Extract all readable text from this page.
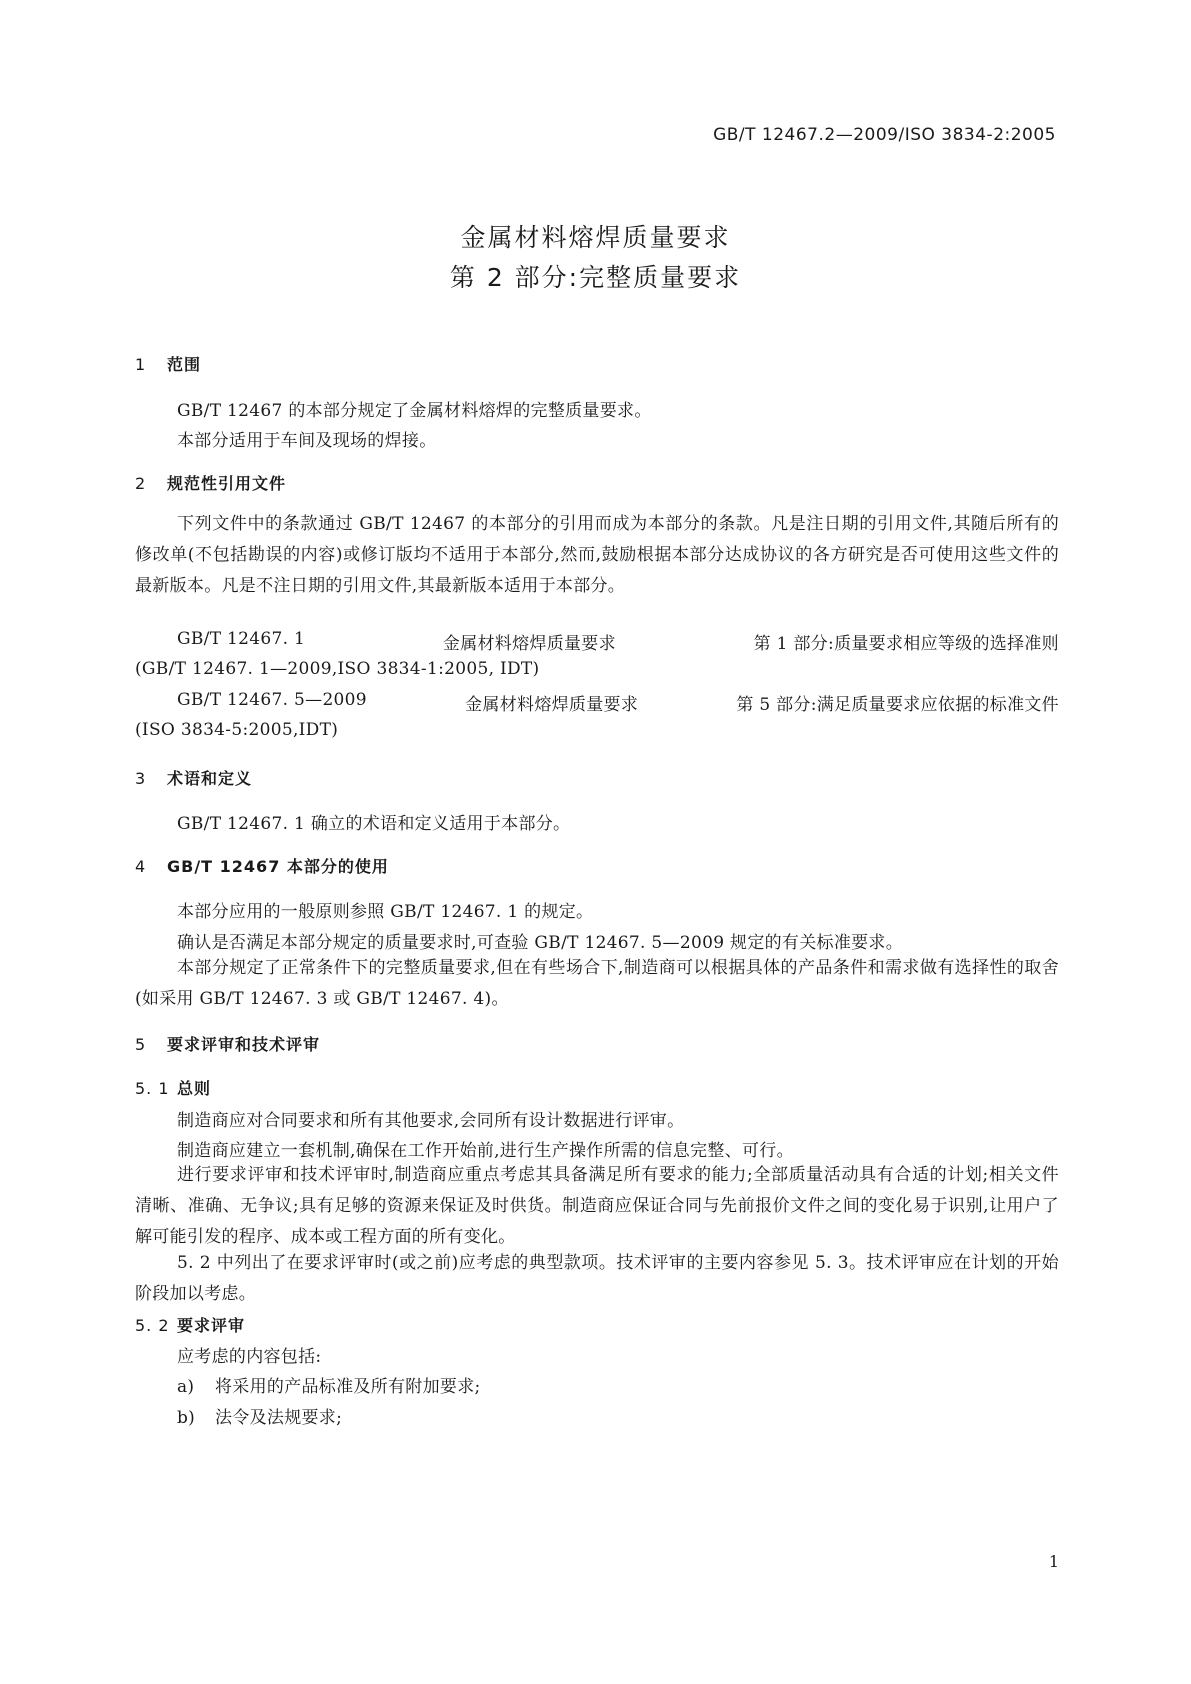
GB/T 12467.2—2009/ISO 3834-2:2005
金属材料熔焊质量要求
第 2 部分:完整质量要求
1 范围
GB/T 12467 的本部分规定了金属材料熔焊的完整质量要求。
本部分适用于车间及现场的焊接。
2 规范性引用文件
下列文件中的条款通过 GB/T 12467 的本部分的引用而成为本部分的条款。凡是注日期的引用文件,其随后所有的修改单(不包括勘误的内容)或修订版均不适用于本部分,然而,鼓励根据本部分达成协议的各方研究是否可使用这些文件的最新版本。凡是不注日期的引用文件,其最新版本适用于本部分。
GB/T 12467. 1	金属材料熔焊质量要求	第 1 部分:质量要求相应等级的选择准则
(GB/T 12467. 1—2009,ISO 3834-1:2005, IDT)
GB/T 12467. 5—2009	金属材料熔焊质量要求	第 5 部分:满足质量要求应依据的标准文件
(ISO 3834-5:2005,IDT)
3 术语和定义
GB/T 12467. 1 确立的术语和定义适用于本部分。
4 GB/T 12467 本部分的使用
本部分应用的一般原则参照 GB/T 12467. 1 的规定。
确认是否满足本部分规定的质量要求时,可查验 GB/T 12467. 5—2009 规定的有关标准要求。
本部分规定了正常条件下的完整质量要求,但在有些场合下,制造商可以根据具体的产品条件和需求做有选择性的取舍(如采用 GB/T 12467. 3 或 GB/T 12467. 4)。
5 要求评审和技术评审
5. 1 总则
制造商应对合同要求和所有其他要求,会同所有设计数据进行评审。
制造商应建立一套机制,确保在工作开始前,进行生产操作所需的信息完整、可行。
进行要求评审和技术评审时,制造商应重点考虑其具备满足所有要求的能力;全部质量活动具有合适的计划;相关文件清晰、准确、无争议;具有足够的资源来保证及时供货。制造商应保证合同与先前报价文件之间的变化易于识别,让用户了解可能引发的程序、成本或工程方面的所有变化。
5. 2 中列出了在要求评审时(或之前)应考虑的典型款项。技术评审的主要内容参见 5. 3。技术评审应在计划的开始阶段加以考虑。
5. 2 要求评审
应考虑的内容包括:
a) 将采用的产品标准及所有附加要求;
b) 法令及法规要求;
1
